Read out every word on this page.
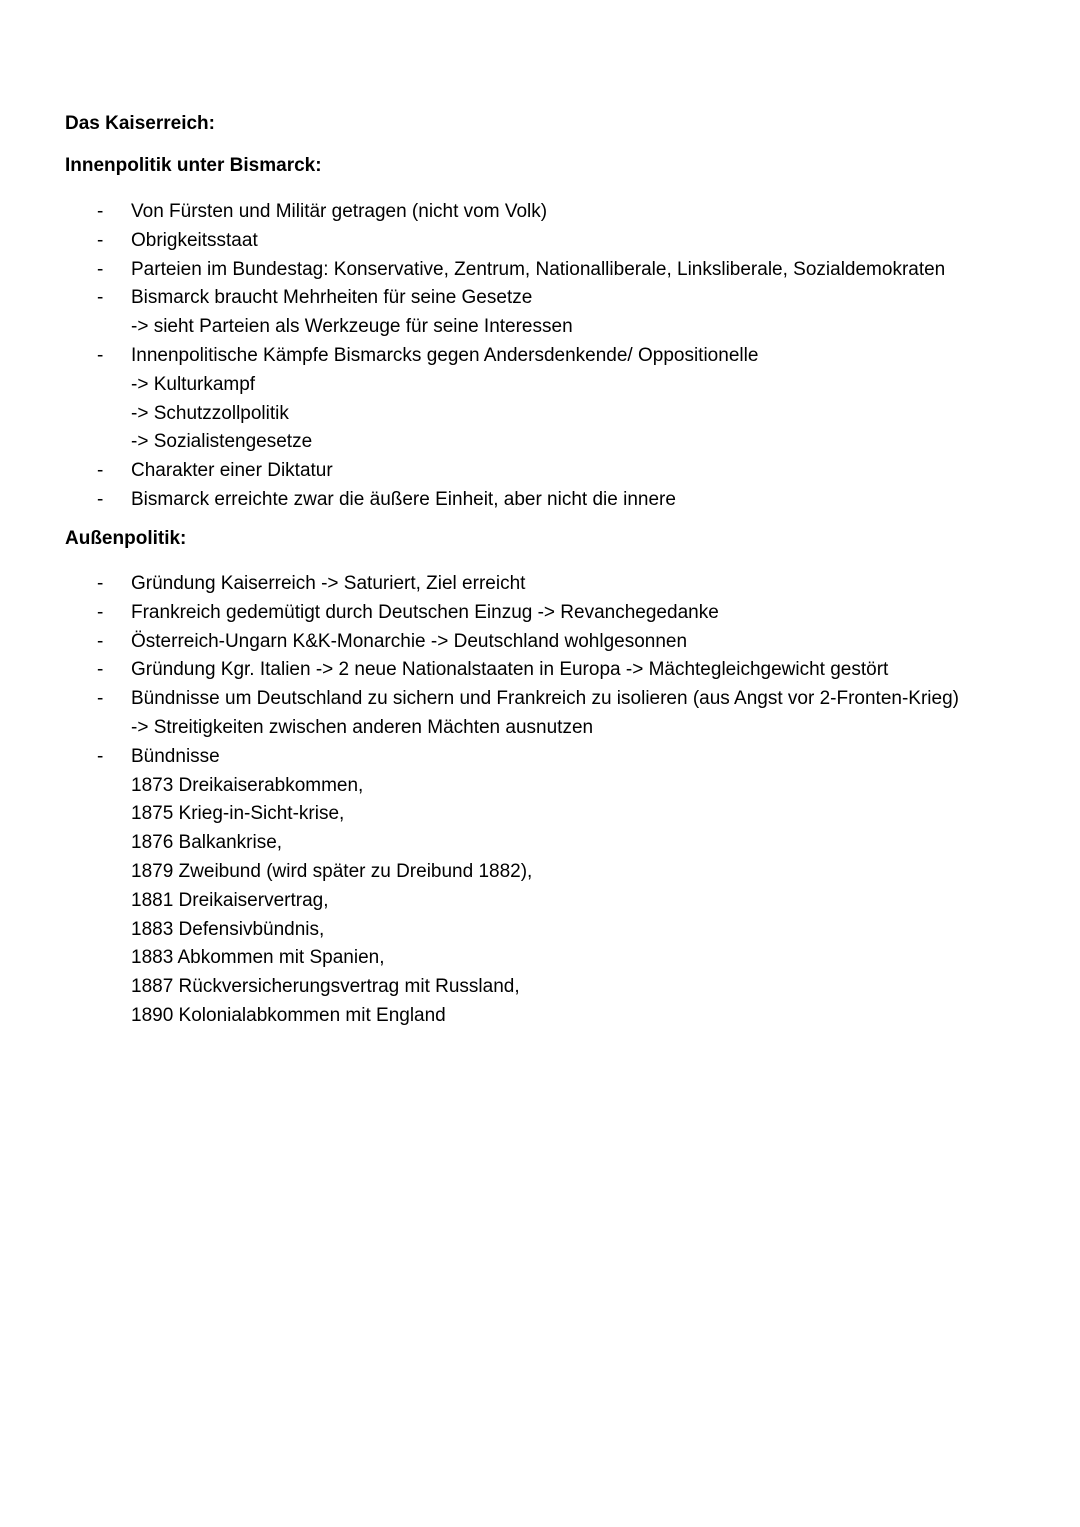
Das Kaiserreich:
Innenpolitik unter Bismarck:
- Von Fürsten und Militär getragen (nicht vom Volk)
- Obrigkeitsstaat
- Parteien im Bundestag: Konservative, Zentrum, Nationalliberale, Linksliberale, Sozialdemokraten
- Bismarck braucht Mehrheiten für seine Gesetze
-> sieht Parteien als Werkzeuge für seine Interessen
- Innenpolitische Kämpfe Bismarcks gegen Andersdenkende/ Oppositionelle
-> Kulturkampf
-> Schutzzollpolitik
-> Sozialistengesetze
- Charakter einer Diktatur
- Bismarck erreichte zwar die äußere Einheit, aber nicht die innere
Außenpolitik:
- Gründung Kaiserreich -> Saturiert, Ziel erreicht
- Frankreich gedemütigt durch Deutschen Einzug -> Revanchegedanke
- Österreich-Ungarn K&K-Monarchie -> Deutschland wohlgesonnen
- Gründung Kgr. Italien -> 2 neue Nationalstaaten in Europa -> Mächtegleichgewicht gestört
- Bündnisse um Deutschland zu sichern und Frankreich zu isolieren (aus Angst vor 2-Fronten-Krieg)
-> Streitigkeiten zwischen anderen Mächten ausnutzen
- Bündnisse
1873 Dreikaiserabkommen,
1875 Krieg-in-Sicht-krise,
1876 Balkankrise,
1879 Zweibund (wird später zu Dreibund 1882),
1881 Dreikaiservertrag,
1883 Defensivbündnis,
1883 Abkommen mit Spanien,
1887 Rückversicherungsvertrag mit Russland,
1890 Kolonialabkommen mit England
